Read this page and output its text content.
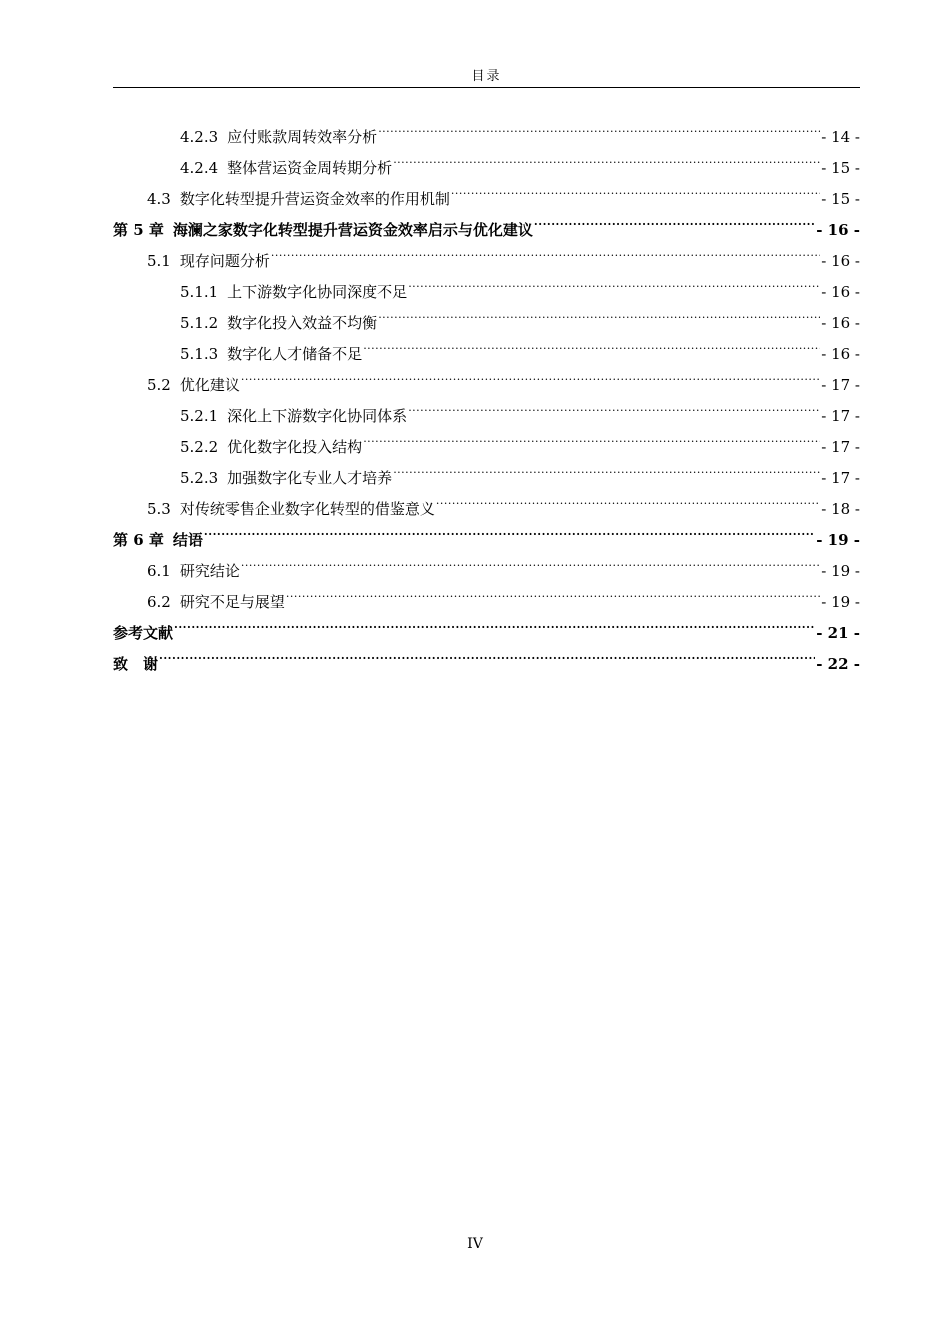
目录
4.2.3 应付账款周转效率分析 .....	- 14 -
4.2.4 整体营运资金周转期分析 .....	- 15 -
4.3 数字化转型提升营运资金效率的作用机制 .....	- 15 -
第 5 章 海澜之家数字化转型提升营运资金效率启示与优化建议 .....	- 16 -
5.1 现存问题分析 .....	- 16 -
5.1.1 上下游数字化协同深度不足 .....	- 16 -
5.1.2 数字化投入效益不均衡 .....	- 16 -
5.1.3 数字化人才储备不足 .....	- 16 -
5.2 优化建议 .....	- 17 -
5.2.1 深化上下游数字化协同体系 .....	- 17 -
5.2.2 优化数字化投入结构 .....	- 17 -
5.2.3 加强数字化专业人才培养 .....	- 17 -
5.3 对传统零售企业数字化转型的借鉴意义 .....	- 18 -
第 6 章 结语 .....	- 19 -
6.1 研究结论 .....	- 19 -
6.2 研究不足与展望 .....	- 19 -
参考文献 .....	- 21 -
致　谢 .....	- 22 -
IV
